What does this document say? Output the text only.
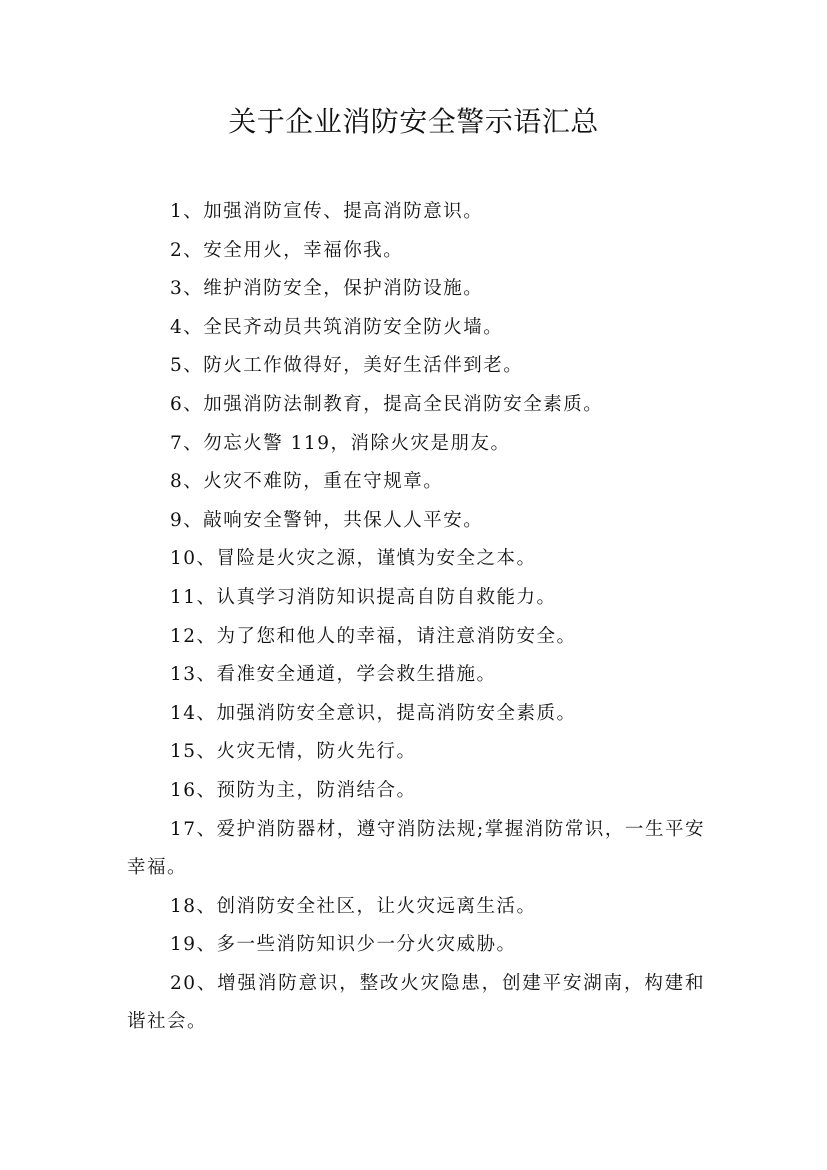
关于企业消防安全警示语汇总
1、加强消防宣传、提高消防意识。
2、安全用火，幸福你我。
3、维护消防安全，保护消防设施。
4、全民齐动员共筑消防安全防火墙。
5、防火工作做得好，美好生活伴到老。
6、加强消防法制教育，提高全民消防安全素质。
7、勿忘火警 119，消除火灾是朋友。
8、火灾不难防，重在守规章。
9、敲响安全警钟，共保人人平安。
10、冒险是火灾之源，谨慎为安全之本。
11、认真学习消防知识提高自防自救能力。
12、为了您和他人的幸福，请注意消防安全。
13、看准安全通道，学会救生措施。
14、加强消防安全意识，提高消防安全素质。
15、火灾无情，防火先行。
16、预防为主，防消结合。
17、爱护消防器材，遵守消防法规;掌握消防常识，一生平安幸福。
18、创消防安全社区，让火灾远离生活。
19、多一些消防知识少一分火灾威胁。
20、增强消防意识，整改火灾隐患，创建平安湖南，构建和谐社会。
